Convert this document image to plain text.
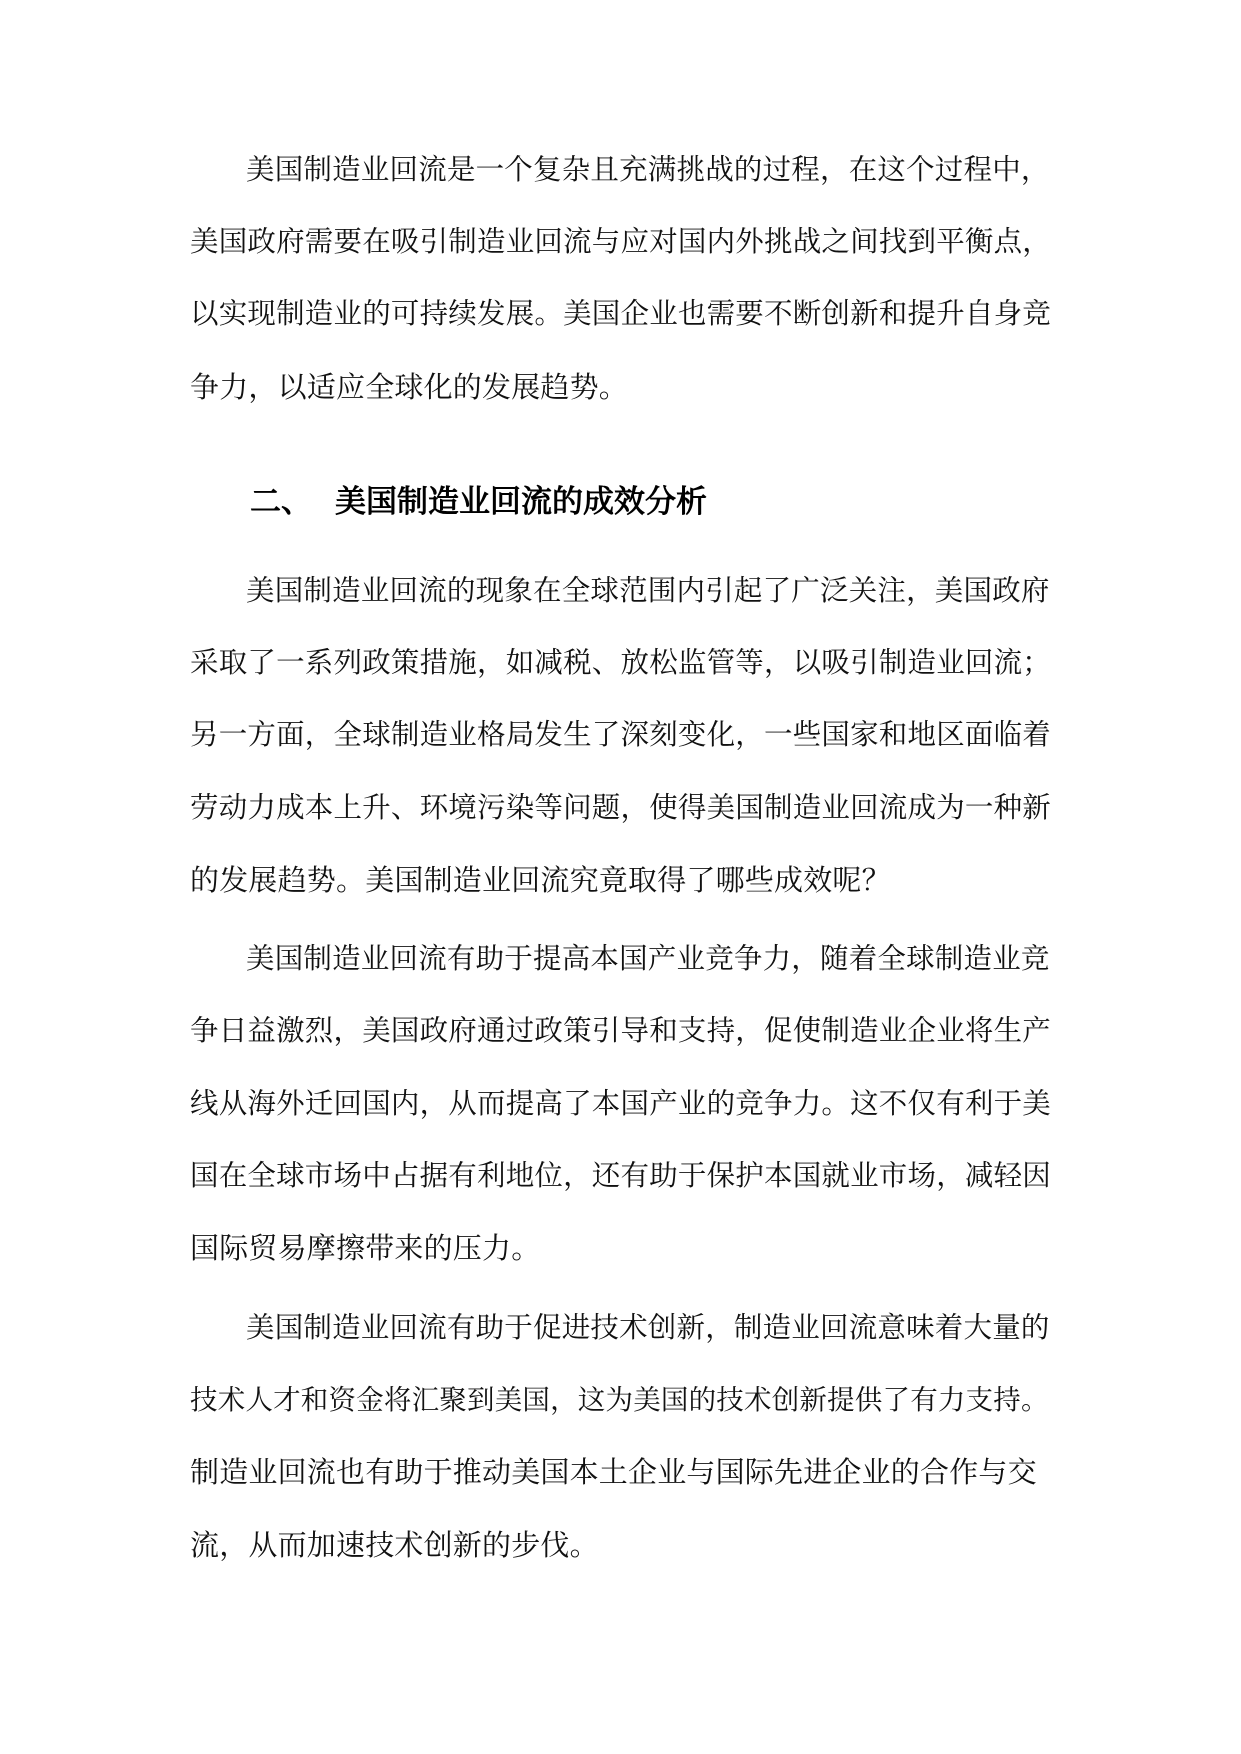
美国制造业回流是一个复杂且充满挑战的过程，在这个过程中，
美国政府需要在吸引制造业回流与应对国内外挑战之间找到平衡点，
以实现制造业的可持续发展。美国企业也需要不断创新和提升自身竞
争力，以适应全球化的发展趋势。
二、 美国制造业回流的成效分析
美国制造业回流的现象在全球范围内引起了广泛关注，美国政府
采取了一系列政策措施，如减税、放松监管等，以吸引制造业回流；
另一方面，全球制造业格局发生了深刻变化，一些国家和地区面临着
劳动力成本上升、环境污染等问题，使得美国制造业回流成为一种新
的发展趋势。美国制造业回流究竟取得了哪些成效呢？
美国制造业回流有助于提高本国产业竞争力，随着全球制造业竞
争日益激烈，美国政府通过政策引导和支持，促使制造业企业将生产
线从海外迁回国内，从而提高了本国产业的竞争力。这不仅有利于美
国在全球市场中占据有利地位，还有助于保护本国就业市场，减轻因
国际贸易摩擦带来的压力。
美国制造业回流有助于促进技术创新，制造业回流意味着大量的
技术人才和资金将汇聚到美国，这为美国的技术创新提供了有力支持。
制造业回流也有助于推动美国本土企业与国际先进企业的合作与交
流，从而加速技术创新的步伐。
